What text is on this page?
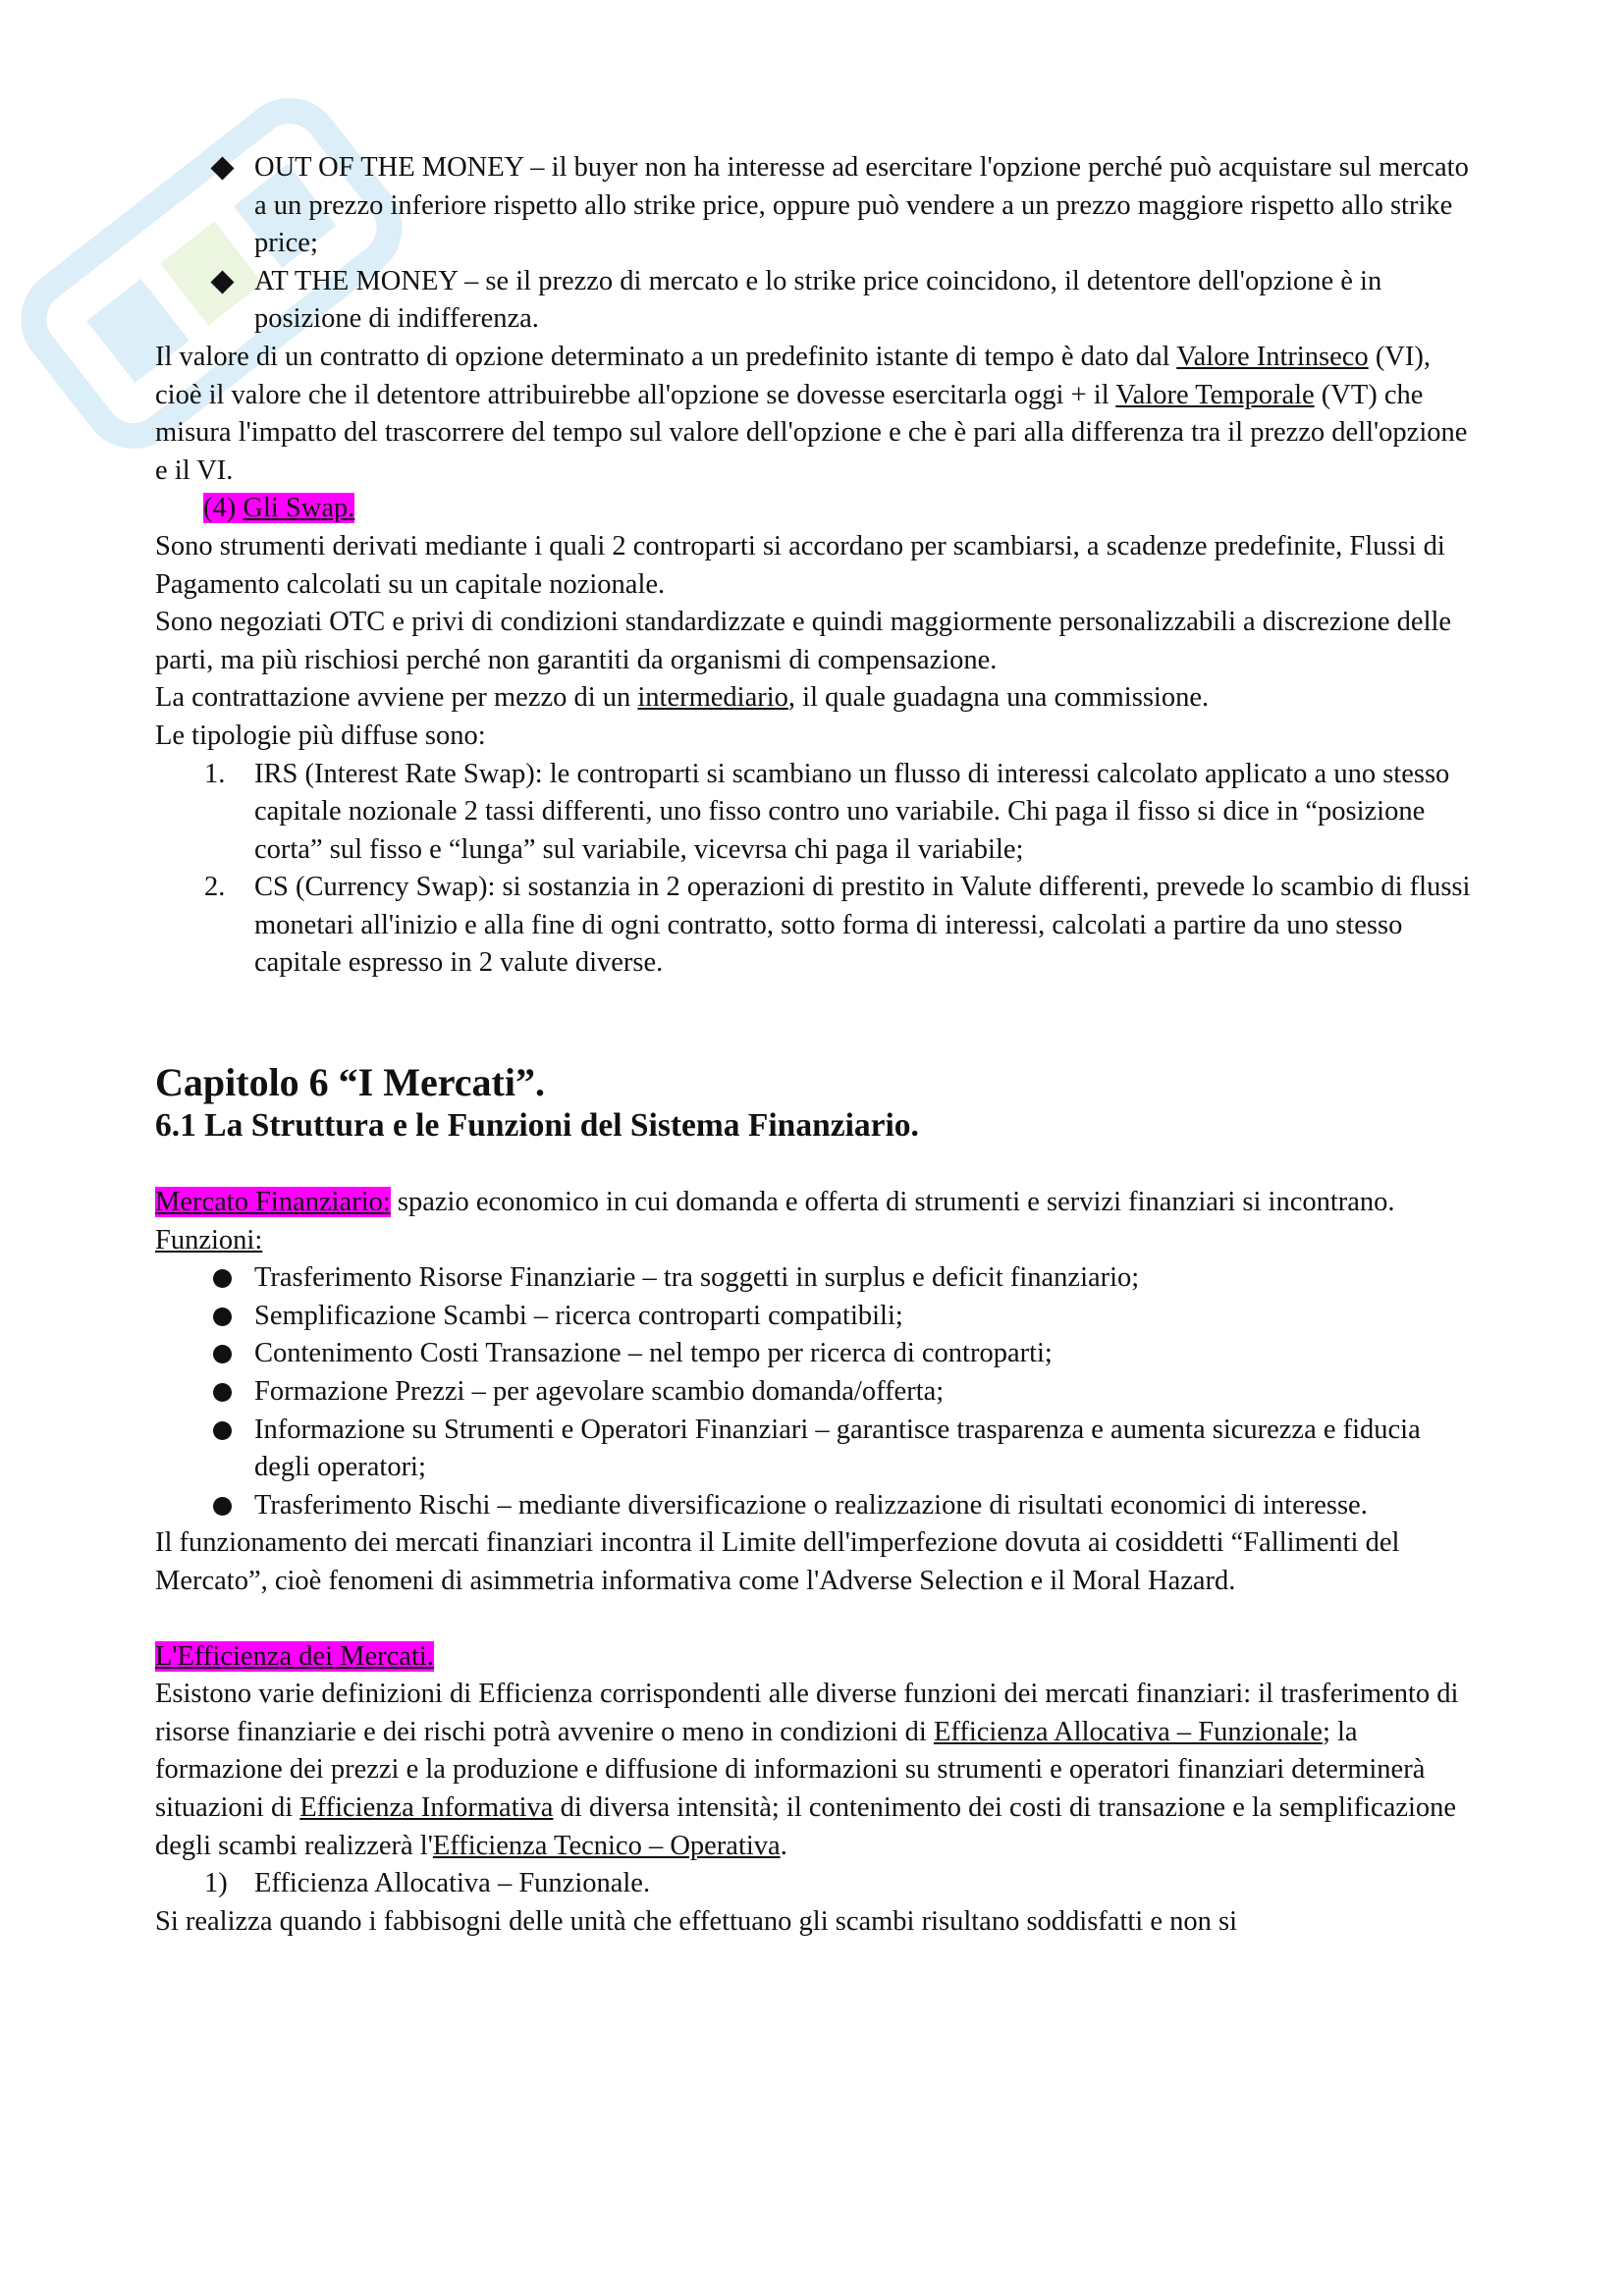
OUT OF THE MONEY – il buyer non ha interesse ad esercitare l'opzione perché può acquistare sul mercato a un prezzo inferiore rispetto allo strike price, oppure può vendere a un prezzo maggiore rispetto allo strike price;

AT THE MONEY – se il prezzo di mercato e lo strike price coincidono, il detentore dell'opzione è in posizione di indifferenza.

Il valore di un contratto di opzione determinato a un predefinito istante di tempo è dato dal Valore Intrinseco (VI), cioè il valore che il detentore attribuirebbe all'opzione se dovesse esercitarla oggi + il Valore Temporale (VT) che misura l'impatto del trascorrere del tempo sul valore dell'opzione e che è pari alla differenza tra il prezzo dell'opzione e il VI.

(4) Gli Swap.

Sono strumenti derivati mediante i quali 2 controparti si accordano per scambiarsi, a scadenze predefinite, Flussi di Pagamento calcolati su un capitale nozionale.

Sono negoziati OTC e privi di condizioni standardizzate e quindi maggiormente personalizzabili a discrezione delle parti, ma più rischiosi perché non garantiti da organismi di compensazione.

La contrattazione avviene per mezzo di un intermediario, il quale guadagna una commissione.

Le tipologie più diffuse sono:

1. IRS (Interest Rate Swap): le controparti si scambiano un flusso di interessi calcolato applicato a uno stesso capitale nozionale 2 tassi differenti, uno fisso contro uno variabile. Chi paga il fisso si dice in “posizione corta” sul fisso e “lunga” sul variabile, vicevrsa chi paga il variabile;

2. CS (Currency Swap): si sostanzia in 2 operazioni di prestito in Valute differenti, prevede lo scambio di flussi monetari all'inizio e alla fine di ogni contratto, sotto forma di interessi, calcolati a partire da uno stesso capitale espresso in 2 valute diverse.

Capitolo 6 “I Mercati”.

6.1 La Struttura e le Funzioni del Sistema Finanziario.

Mercato Finanziario: spazio economico in cui domanda e offerta di strumenti e servizi finanziari si incontrano.

Funzioni:

Trasferimento Risorse Finanziarie – tra soggetti in surplus e deficit finanziario;

Semplificazione Scambi – ricerca controparti compatibili;

Contenimento Costi Transazione – nel tempo per ricerca di controparti;

Formazione Prezzi – per agevolare scambio domanda/offerta;

Informazione su Strumenti e Operatori Finanziari – garantisce trasparenza e aumenta sicurezza e fiducia degli operatori;

Trasferimento Rischi – mediante diversificazione o realizzazione di risultati economici di interesse.

Il funzionamento dei mercati finanziari incontra il Limite dell'imperfezione dovuta ai cosiddetti “Fallimenti del Mercato”, cioè fenomeni di asimmetria informativa come l'Adverse Selection e il Moral Hazard.

L'Efficienza dei Mercati.

Esistono varie definizioni di Efficienza corrispondenti alle diverse funzioni dei mercati finanziari: il trasferimento di risorse finanziarie e dei rischi potrà avvenire o meno in condizioni di Efficienza Allocativa – Funzionale; la formazione dei prezzi e la produzione e diffusione di informazioni su strumenti e operatori finanziari determinerà situazioni di Efficienza Informativa di diversa intensità; il contenimento dei costi di transazione e la semplificazione degli scambi realizzerà l'Efficienza Tecnico – Operativa.

1) Efficienza Allocativa – Funzionale.

Si realizza quando i fabbisogni delle unità che effettuano gli scambi risultano soddisfatti e non si
